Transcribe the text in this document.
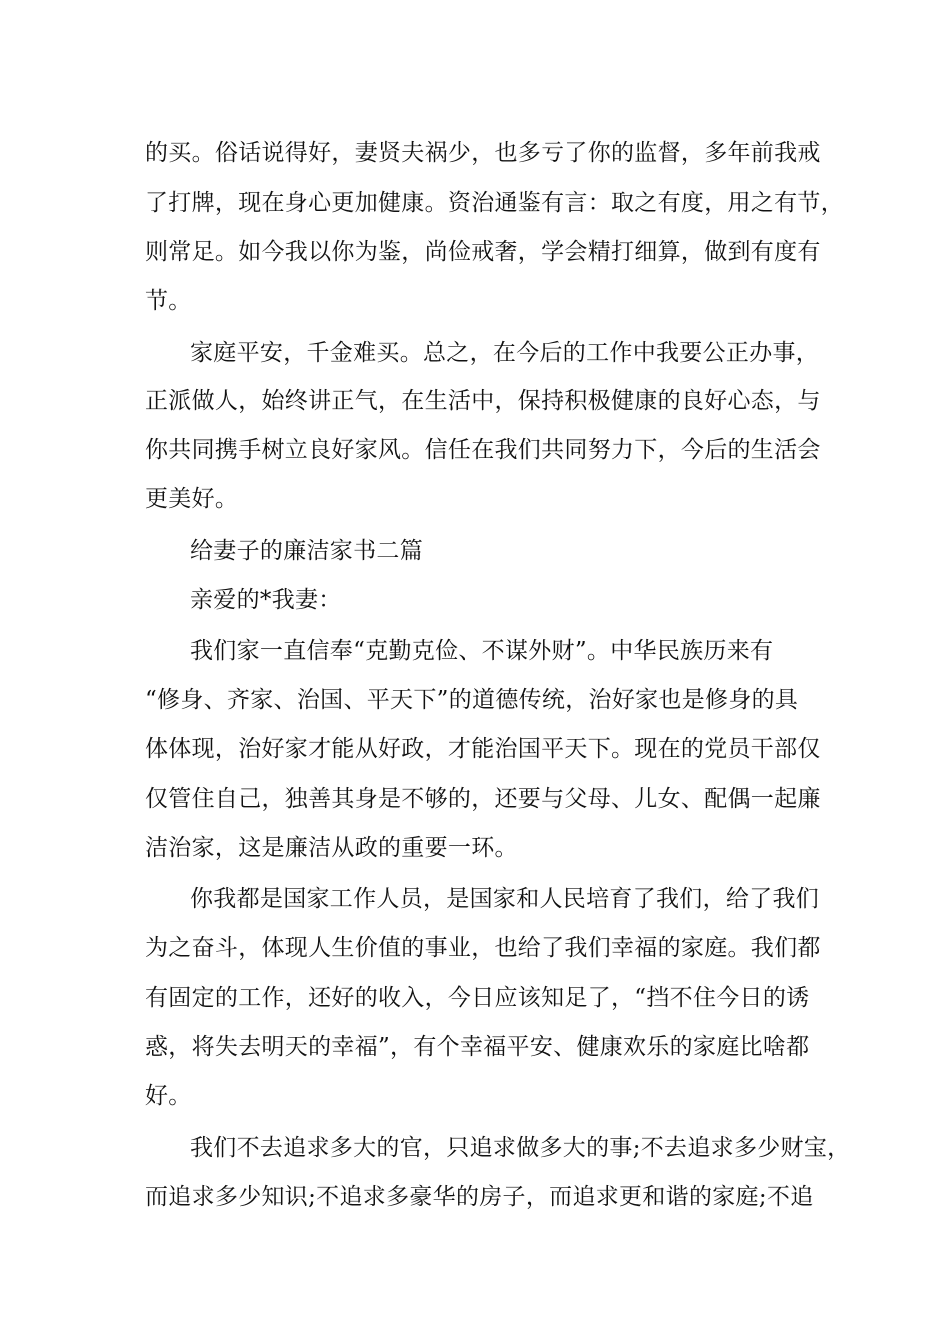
的买。俗话说得好，妻贤夫祸少，也多亏了你的监督，多年前我戒
了打牌，现在身心更加健康。资治通鉴有言：取之有度，用之有节，
则常足。如今我以你为鉴，尚俭戒奢，学会精打细算，做到有度有
节。
家庭平安，千金难买。总之，在今后的工作中我要公正办事，
正派做人，始终讲正气，在生活中，保持积极健康的良好心态，与
你共同携手树立良好家风。信任在我们共同努力下，今后的生活会
更美好。
给妻子的廉洁家书二篇
亲爱的*我妻：
我们家一直信奉“克勤克俭、不谋外财”。中华民族历来有
“修身、齐家、治国、平天下”的道德传统，治好家也是修身的具
体体现，治好家才能从好政，才能治国平天下。现在的党员干部仅
仅管住自己，独善其身是不够的，还要与父母、儿女、配偶一起廉
洁治家，这是廉洁从政的重要一环。
你我都是国家工作人员，是国家和人民培育了我们，给了我们
为之奋斗，体现人生价值的事业，也给了我们幸福的家庭。我们都
有固定的工作，还好的收入，今日应该知足了，“挡不住今日的诱
惑，将失去明天的幸福”，有个幸福平安、健康欢乐的家庭比啥都
好。
我们不去追求多大的官，只追求做多大的事;不去追求多少财宝，
而追求多少知识;不追求多豪华的房子，而追求更和谐的家庭;不追
